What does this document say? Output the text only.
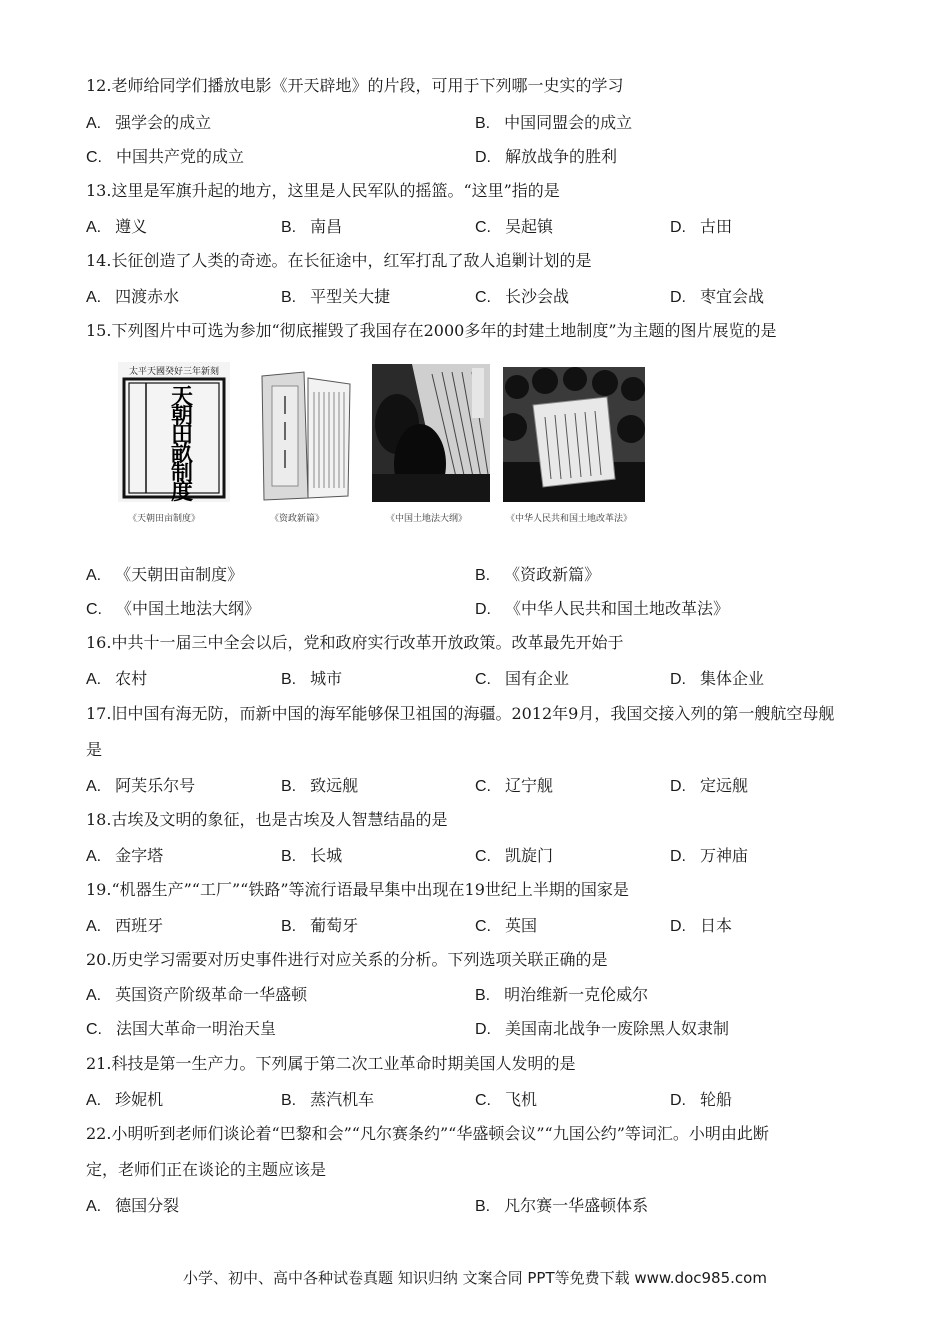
12.老师给同学们播放电影《开天辟地》的片段，可用于下列哪一史实的学习
A. 强学会的成立	B. 中国同盟会的成立
C. 中国共产党的成立	D. 解放战争的胜利
13.这里是军旗升起的地方，这里是人民军队的摇篮。“这里”指的是
A. 遵义	B. 南昌	C. 吴起镇	D. 古田
14.长征创造了人类的奇迹。在长征途中，红军打乱了敌人追剿计划的是
A. 四渡赤水	B. 平型关大捷	C. 长沙会战	D. 枣宜会战
15.下列图片中可选为参加“彻底摧毁了我国存在2000多年的封建土地制度”为主题的图片展览的是
太平天國癸好三年新刻
天
朝
田
畝
制
度
《天朝田亩制度》	《资政新篇》	《中国土地法大纲》	《中华人民共和国土地改革法》
A. 《天朝田亩制度》	B. 《资政新篇》
C. 《中国土地法大纲》	D. 《中华人民共和国土地改革法》
16.中共十一届三中全会以后，党和政府实行改革开放政策。改革最先开始于
A. 农村	B. 城市	C. 国有企业	D. 集体企业
17.旧中国有海无防，而新中国的海军能够保卫祖国的海疆。2012年9月，我国交接入列的第一艘航空母舰
是
A. 阿芙乐尔号	B. 致远舰	C. 辽宁舰	D. 定远舰
18.古埃及文明的象征，也是古埃及人智慧结晶的是
A. 金字塔	B. 长城	C. 凯旋门	D. 万神庙
19.“机器生产”“工厂”“铁路”等流行语最早集中出现在19世纪上半期的国家是
A. 西班牙	B. 葡萄牙	C. 英国	D. 日本
20.历史学习需要对历史事件进行对应关系的分析。下列选项关联正确的是
A. 英国资产阶级革命一华盛顿	B. 明治维新一克伦威尔
C. 法国大革命一明治天皇	D. 美国南北战争一废除黑人奴隶制
21.科技是第一生产力。下列属于第二次工业革命时期美国人发明的是
A. 珍妮机	B. 蒸汽机车	C. 飞机	D. 轮船
22.小明听到老师们谈论着“巴黎和会”“凡尔赛条约”“华盛顿会议”“九国公约”等词汇。小明由此断
定，老师们正在谈论的主题应该是
A. 德国分裂	B. 凡尔赛一华盛顿体系
小学、初中、高中各种试卷真题 知识归纳 文案合同 PPT等免费下载 www.doc985.com
